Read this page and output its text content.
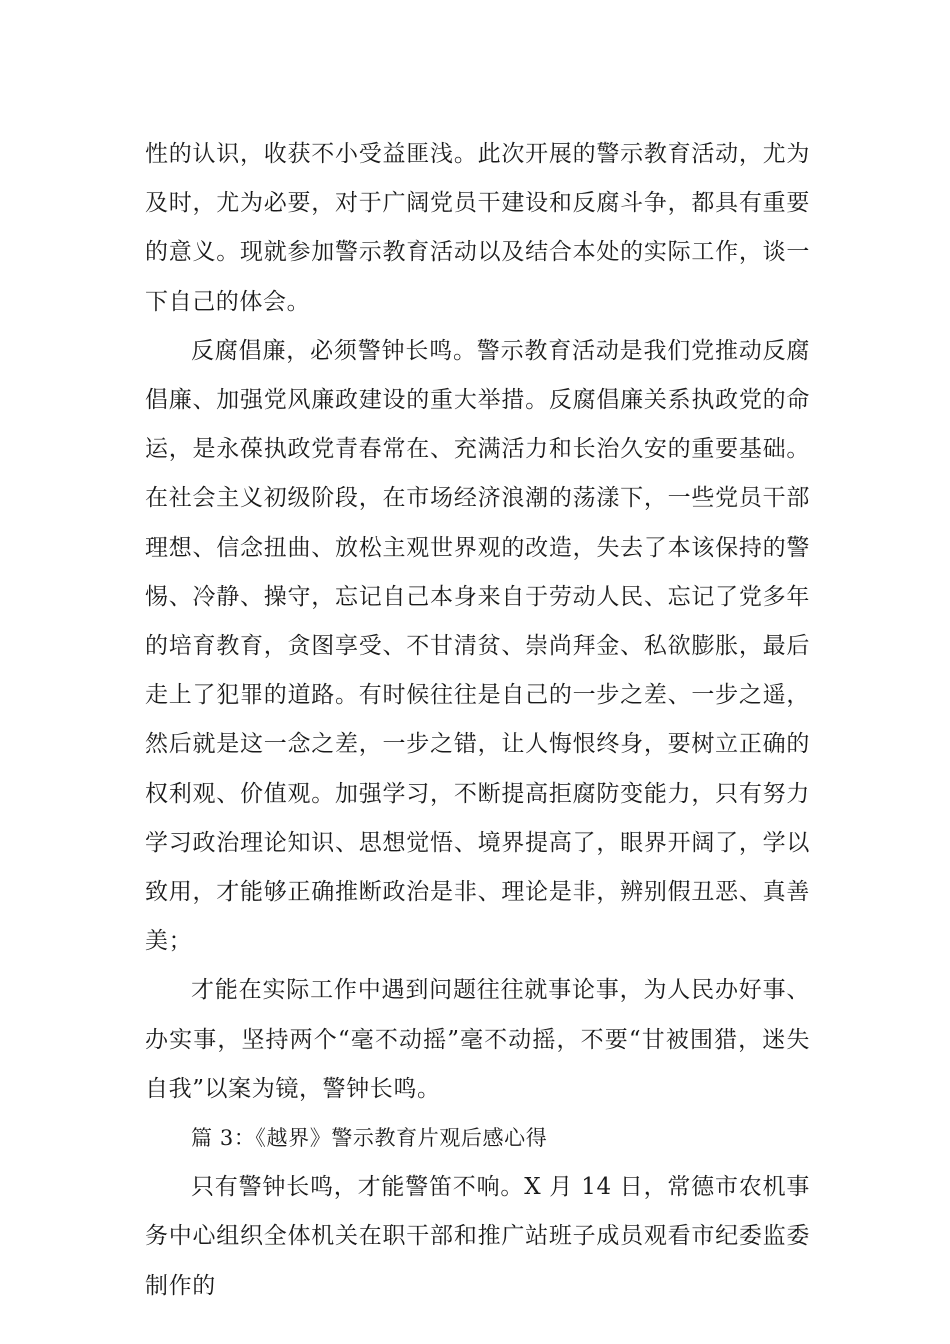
性的认识，收获不小受益匪浅。此次开展的警示教育活动，尤为及时，尤为必要，对于广阔党员干建设和反腐斗争，都具有重要的意义。现就参加警示教育活动以及结合本处的实际工作，谈一下自己的体会。

反腐倡廉，必须警钟长鸣。警示教育活动是我们党推动反腐倡廉、加强党风廉政建设的重大举措。反腐倡廉关系执政党的命运，是永葆执政党青春常在、充满活力和长治久安的重要基础。在社会主义初级阶段，在市场经济浪潮的荡漾下，一些党员干部理想、信念扭曲、放松主观世界观的改造，失去了本该保持的警惕、冷静、操守，忘记自己本身来自于劳动人民、忘记了党多年的培育教育，贪图享受、不甘清贫、崇尚拜金、私欲膨胀，最后走上了犯罪的道路。有时候往往是自己的一步之差、一步之遥，然后就是这一念之差，一步之错，让人悔恨终身，要树立正确的权利观、价值观。加强学习，不断提高拒腐防变能力，只有努力学习政治理论知识、思想觉悟、境界提高了，眼界开阔了，学以致用，才能够正确推断政治是非、理论是非，辨别假丑恶、真善美；

才能在实际工作中遇到问题往往就事论事，为人民办好事、办实事，坚持两个“毫不动摇”毫不动摇，不要“甘被围猎，迷失自我”以案为镜，警钟长鸣。

篇 3：《越界》警示教育片观后感心得

只有警钟长鸣，才能警笛不响。X 月 14 日，常德市农机事务中心组织全体机关在职干部和推广站班子成员观看市纪委监委制作的
